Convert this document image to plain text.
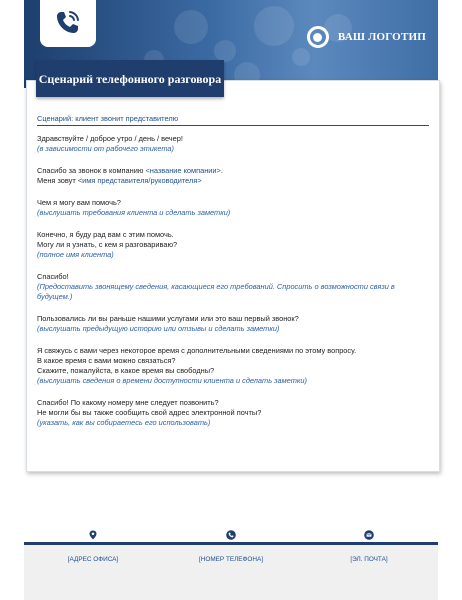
ВАШ ЛОГОТИП
Сценарий телефонного разговора
Сценарий: клиент звонит представителю
Здравствуйте / доброе утро / день / вечер!
(в зависимости от рабочего этикета)
Спасибо за звонок в компанию <название компании>.
Меня зовут <имя представителя/руководителя>
Чем я могу вам помочь?
(выслушать требования клиента и сделать заметки)
Конечно, я буду рад вам с этим помочь.
Могу ли я узнать, с кем я разговариваю?
(полное имя клиента)
Спасибо!
(Предоставить звонящему сведения, касающиеся его требований. Спросить о возможности связи в будущем.)
Пользовались ли вы раньше нашими услугами или это ваш первый звонок?
(выслушать предыдущую историю или отзывы и сделать заметки)
Я свяжусь с вами через некоторое время с дополнительными сведениями по этому вопросу.
В какое время с вами можно связаться?
Скажите, пожалуйста, в какое время вы свободны?
(выслушать сведения о времени доступности клиента и сделать заметки)
Спасибо! По какому номеру мне следует позвонить?
Не могли бы вы также сообщить свой адрес электронной почты?
(указать, как вы собираетесь его использовать)
[АДРЕС ОФИСА]	[НОМЕР ТЕЛЕФОНА]	[ЭЛ. ПОЧТА]
